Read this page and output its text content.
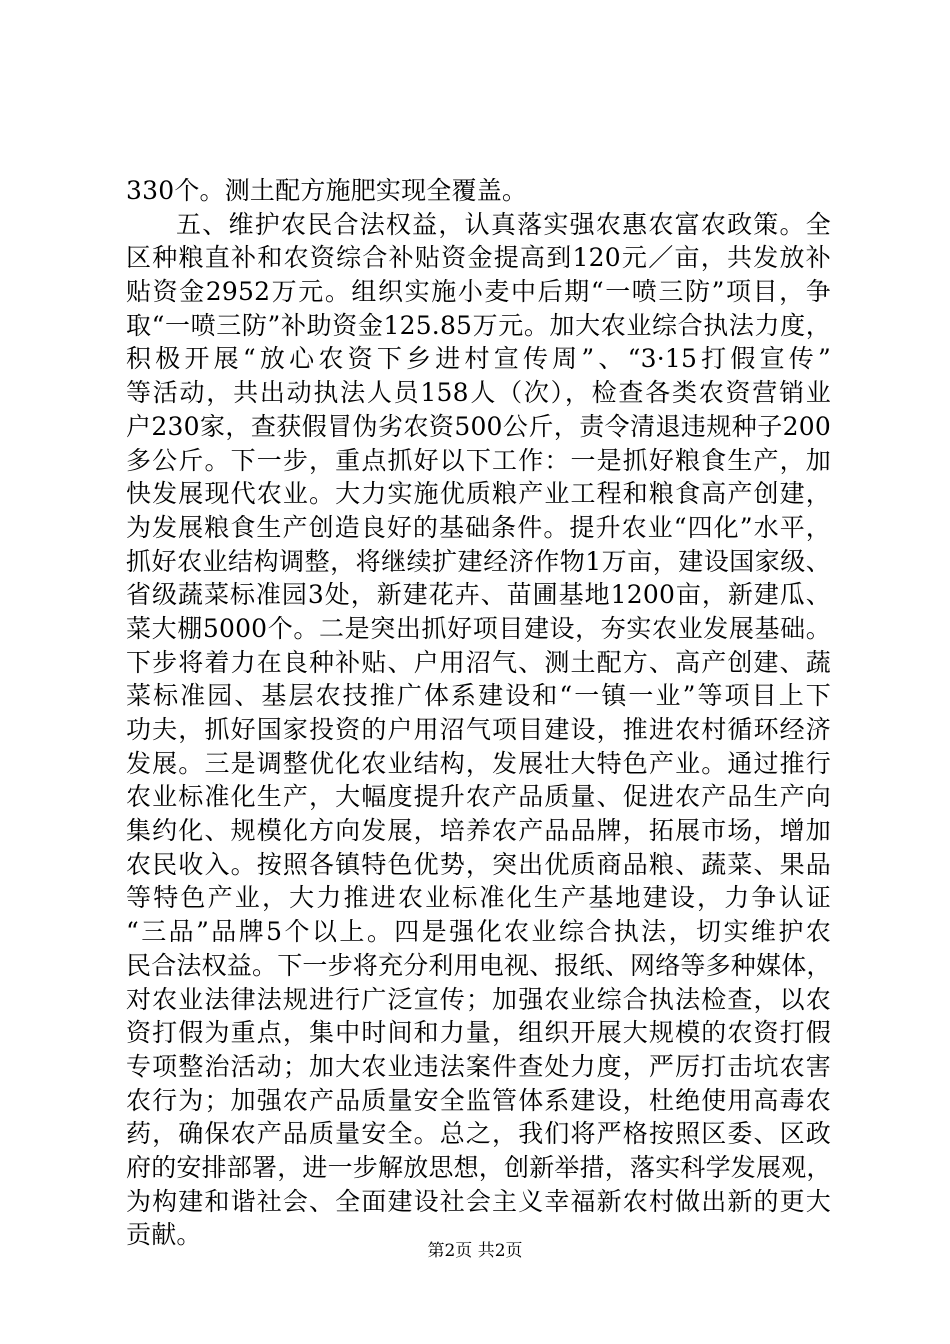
330个。测土配方施肥实现全覆盖。
五、维护农民合法权益，认真落实强农惠农富农政策。全
区种粮直补和农资综合补贴资金提高到120元／亩，共发放补
贴资金2952万元。组织实施小麦中后期“一喷三防”项目，争
取“一喷三防”补助资金125.85万元。加大农业综合执法力度，
积极开展“放心农资下乡进村宣传周”、“3·15打假宣传”
等活动，共出动执法人员158人（次），检查各类农资营销业
户230家，查获假冒伪劣农资500公斤，责令清退违规种子200
多公斤。下一步，重点抓好以下工作：一是抓好粮食生产，加
快发展现代农业。大力实施优质粮产业工程和粮食高产创建，
为发展粮食生产创造良好的基础条件。提升农业“四化”水平，
抓好农业结构调整，将继续扩建经济作物1万亩，建设国家级、
省级蔬菜标准园3处，新建花卉、苗圃基地1200亩，新建瓜、
菜大棚5000个。二是突出抓好项目建设，夯实农业发展基础。
下步将着力在良种补贴、户用沼气、测土配方、高产创建、蔬
菜标准园、基层农技推广体系建设和“一镇一业”等项目上下
功夫，抓好国家投资的户用沼气项目建设，推进农村循环经济
发展。三是调整优化农业结构，发展壮大特色产业。通过推行
农业标准化生产，大幅度提升农产品质量、促进农产品生产向
集约化、规模化方向发展，培养农产品品牌，拓展市场，增加
农民收入。按照各镇特色优势，突出优质商品粮、蔬菜、果品
等特色产业，大力推进农业标准化生产基地建设，力争认证
“三品”品牌5个以上。四是强化农业综合执法，切实维护农
民合法权益。下一步将充分利用电视、报纸、网络等多种媒体，
对农业法律法规进行广泛宣传；加强农业综合执法检查，以农
资打假为重点，集中时间和力量，组织开展大规模的农资打假
专项整治活动；加大农业违法案件查处力度，严厉打击坑农害
农行为；加强农产品质量安全监管体系建设，杜绝使用高毒农
药，确保农产品质量安全。总之，我们将严格按照区委、区政
府的安排部署，进一步解放思想，创新举措，落实科学发展观，
为构建和谐社会、全面建设社会主义幸福新农村做出新的更大
贡献。
第2页 共2页
